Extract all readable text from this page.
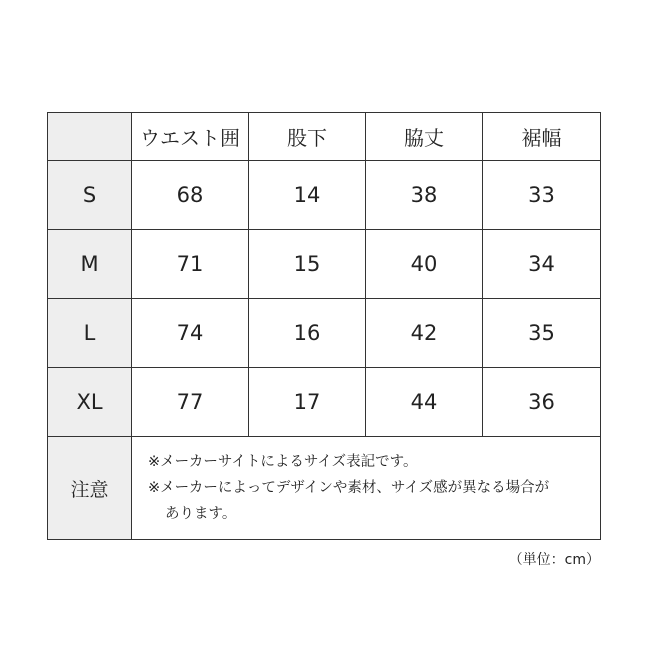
	ウエスト囲	股下	脇丈	裾幅
S	68	14	38	33
M	71	15	40	34
L	74	16	42	35
XL	77	17	44	36
注意	※メーカーサイトによるサイズ表記です。
※メーカーによってデザインや素材、サイズ感が異なる場合が
あります。			
（単位：cm）
